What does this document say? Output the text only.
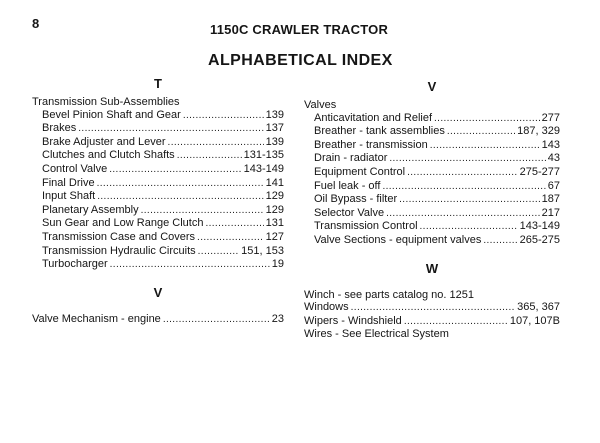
8	1150C CRAWLER TRACTOR
ALPHABETICAL INDEX
T
Transmission Sub-Assemblies
Bevel Pinion Shaft and Gear . . .	139
Brakes . . .	137
Brake Adjuster and Lever . . .	139
Clutches and Clutch Shafts . . .	131-135
Control Valve . . .	143-149
Final Drive . . .	141
Input Shaft . . .	129
Planetary Assembly . . .	129
Sun Gear and Low Range Clutch . . .	131
Transmission Case and Covers . . .	127
Transmission Hydraulic Circuits . . .	151, 153
Turbocharger . . .	19
V
Valve Mechanism - engine . . .	23
V
Valves
Anticavitation and Relief . . .	277
Breather - tank assemblies . . .	187, 329
Breather - transmission . . .	143
Drain - radiator . . .	43
Equipment Control . . .	275-277
Fuel leak - off . . .	67
Oil Bypass - filter . . .	187
Selector Valve . . .	217
Transmission Control . . .	143-149
Valve Sections - equipment valves . . .	265-275
W
Winch - see parts catalog no. 1251
Windows . . .	365, 367
Wipers - Windshield . . .	107, 107B
Wires - See Electrical System
